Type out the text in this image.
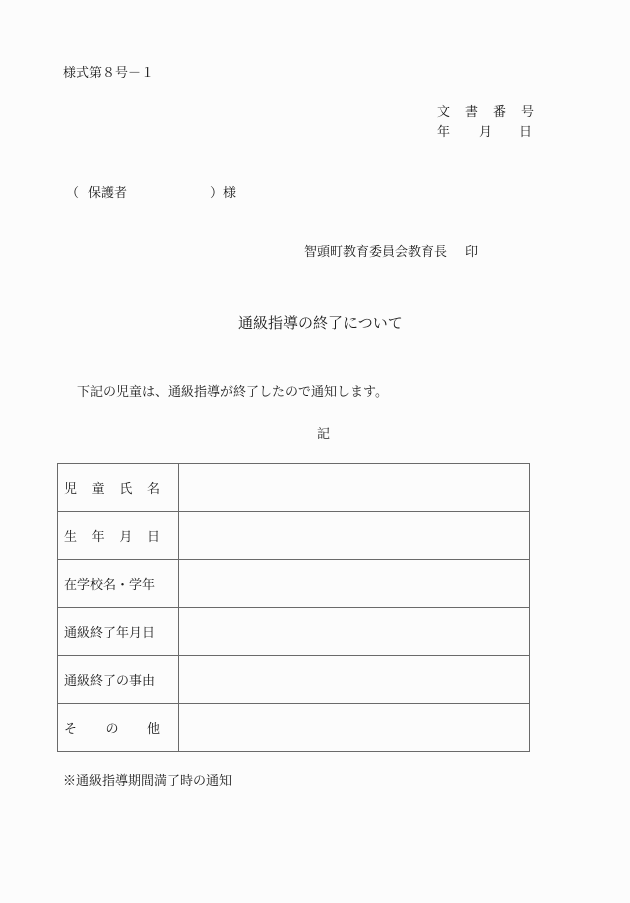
様式第８号－１
文 書 番 号
年 月 日
（ 保護者	）様
智頭町教育委員会教育長 印
通級指導の終了について
下記の児童は、通級指導が終了したので通知します。
記
児 童 氏 名	

生 年 月 日	

在学校名・学年	
通級終了年月日	
通級終了の事由	

そ の 他	

※通級指導期間満了時の通知
